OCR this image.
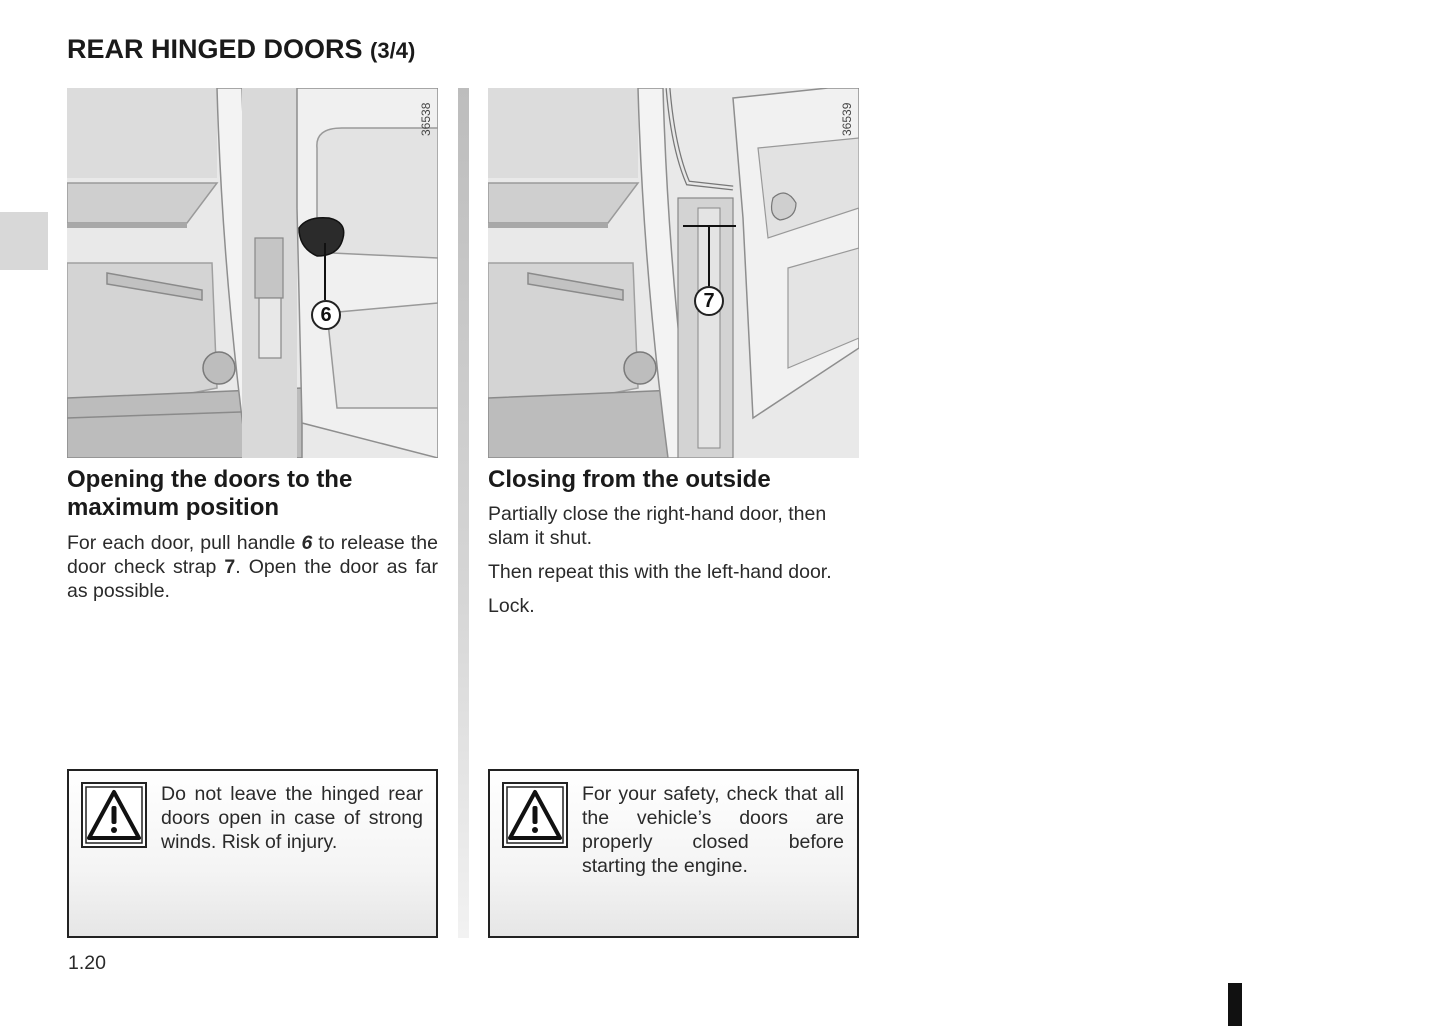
REAR HINGED DOORS (3/4)
36538
6
36539
7
Opening the doors to the maximum position
For each door, pull handle 6 to release the door check strap 7. Open the door as far as possible.
Closing from the outside
Partially close the right-hand door, then slam it shut.
Then repeat this with the left-hand door.
Lock.
Do not leave the hinged rear doors open in case of strong winds. Risk of injury.
For your safety, check that all the vehicle’s doors are properly closed before starting the engine.
1.20
